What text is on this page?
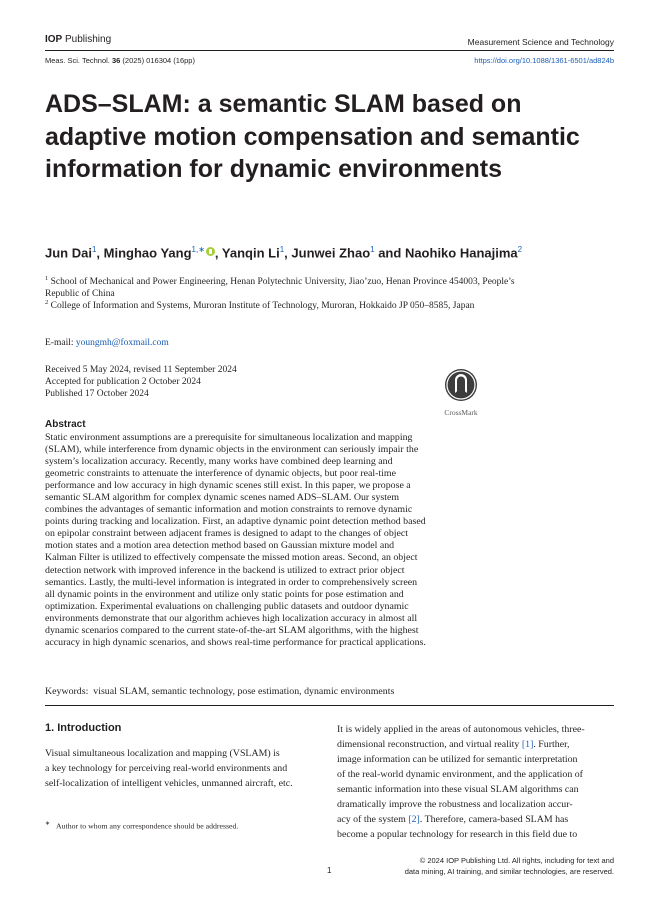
IOP Publishing	Measurement Science and Technology
Meas. Sci. Technol. 36 (2025) 016304 (16pp)	https://doi.org/10.1088/1361-6501/ad824b
ADS–SLAM: a semantic SLAM based on adaptive motion compensation and semantic information for dynamic environments
Jun Dai$^1$, Minghao Yang$^{1,∗}$ , Yanqin Li$^1$, Junwei Zhao$^1$ and Naohiko Hanajima$^2$
$^1$ School of Mechanical and Power Engineering, Henan Polytechnic University, Jiao’zuo, Henan Province 454003, People’s Republic of China
$^2$ College of Information and Systems, Muroran Institute of Technology, Muroran, Hokkaido JP 050–8585, Japan
E-mail: youngmh@foxmail.com
Received 5 May 2024, revised 11 September 2024
Accepted for publication 2 October 2024
Published 17 October 2024
CrossMark
Abstract
Static environment assumptions are a prerequisite for simultaneous localization and mapping
(SLAM), while interference from dynamic objects in the environment can seriously impair the
system’s localization accuracy. Recently, many works have combined deep learning and
geometric constraints to attenuate the interference of dynamic objects, but poor real-time
performance and low accuracy in high dynamic scenes still exist. In this paper, we propose a
semantic SLAM algorithm for complex dynamic scenes named ADS–SLAM. Our system
combines the advantages of semantic information and motion constraints to remove dynamic
points during tracking and localization. First, an adaptive dynamic point detection method based
on epipolar constraint between adjacent frames is designed to adapt to the changes of object
motion states and a motion area detection method based on Gaussian mixture model and
Kalman Filter is utilized to effectively compensate the missed motion areas. Second, an object
detection network with improved inference in the backend is utilized to extract prior object
semantics. Lastly, the multi-level information is integrated in order to comprehensively screen
all dynamic points in the environment and utilize only static points for pose estimation and
optimization. Experimental evaluations on challenging public datasets and outdoor dynamic
environments demonstrate that our algorithm achieves high localization accuracy in almost all
dynamic scenarios compared to the current state-of-the-art SLAM algorithms, with the highest
accuracy in high dynamic scenarios, and shows real-time performance for practical applications.
Keywords: visual SLAM, semantic technology, pose estimation, dynamic environments
1. Introduction
Visual simultaneous localization and mapping (VSLAM) is
a key technology for perceiving real-world environments and
self-localization of intelligent vehicles, unmanned aircraft, etc.
It is widely applied in the areas of autonomous vehicles, three-
dimensional reconstruction, and virtual reality [1]. Further,
image information can be utilized for semantic interpretation
of the real-world dynamic environment, and the application of
semantic information into these visual SLAM algorithms can
dramatically improve the robustness and localization accur-
acy of the system [2]. Therefore, camera-based SLAM has
become a popular technology for research in this field due to
∗ Author to whom any correspondence should be addressed.
1
© 2024 IOP Publishing Ltd. All rights, including for text and
data mining, AI training, and similar technologies, are reserved.
